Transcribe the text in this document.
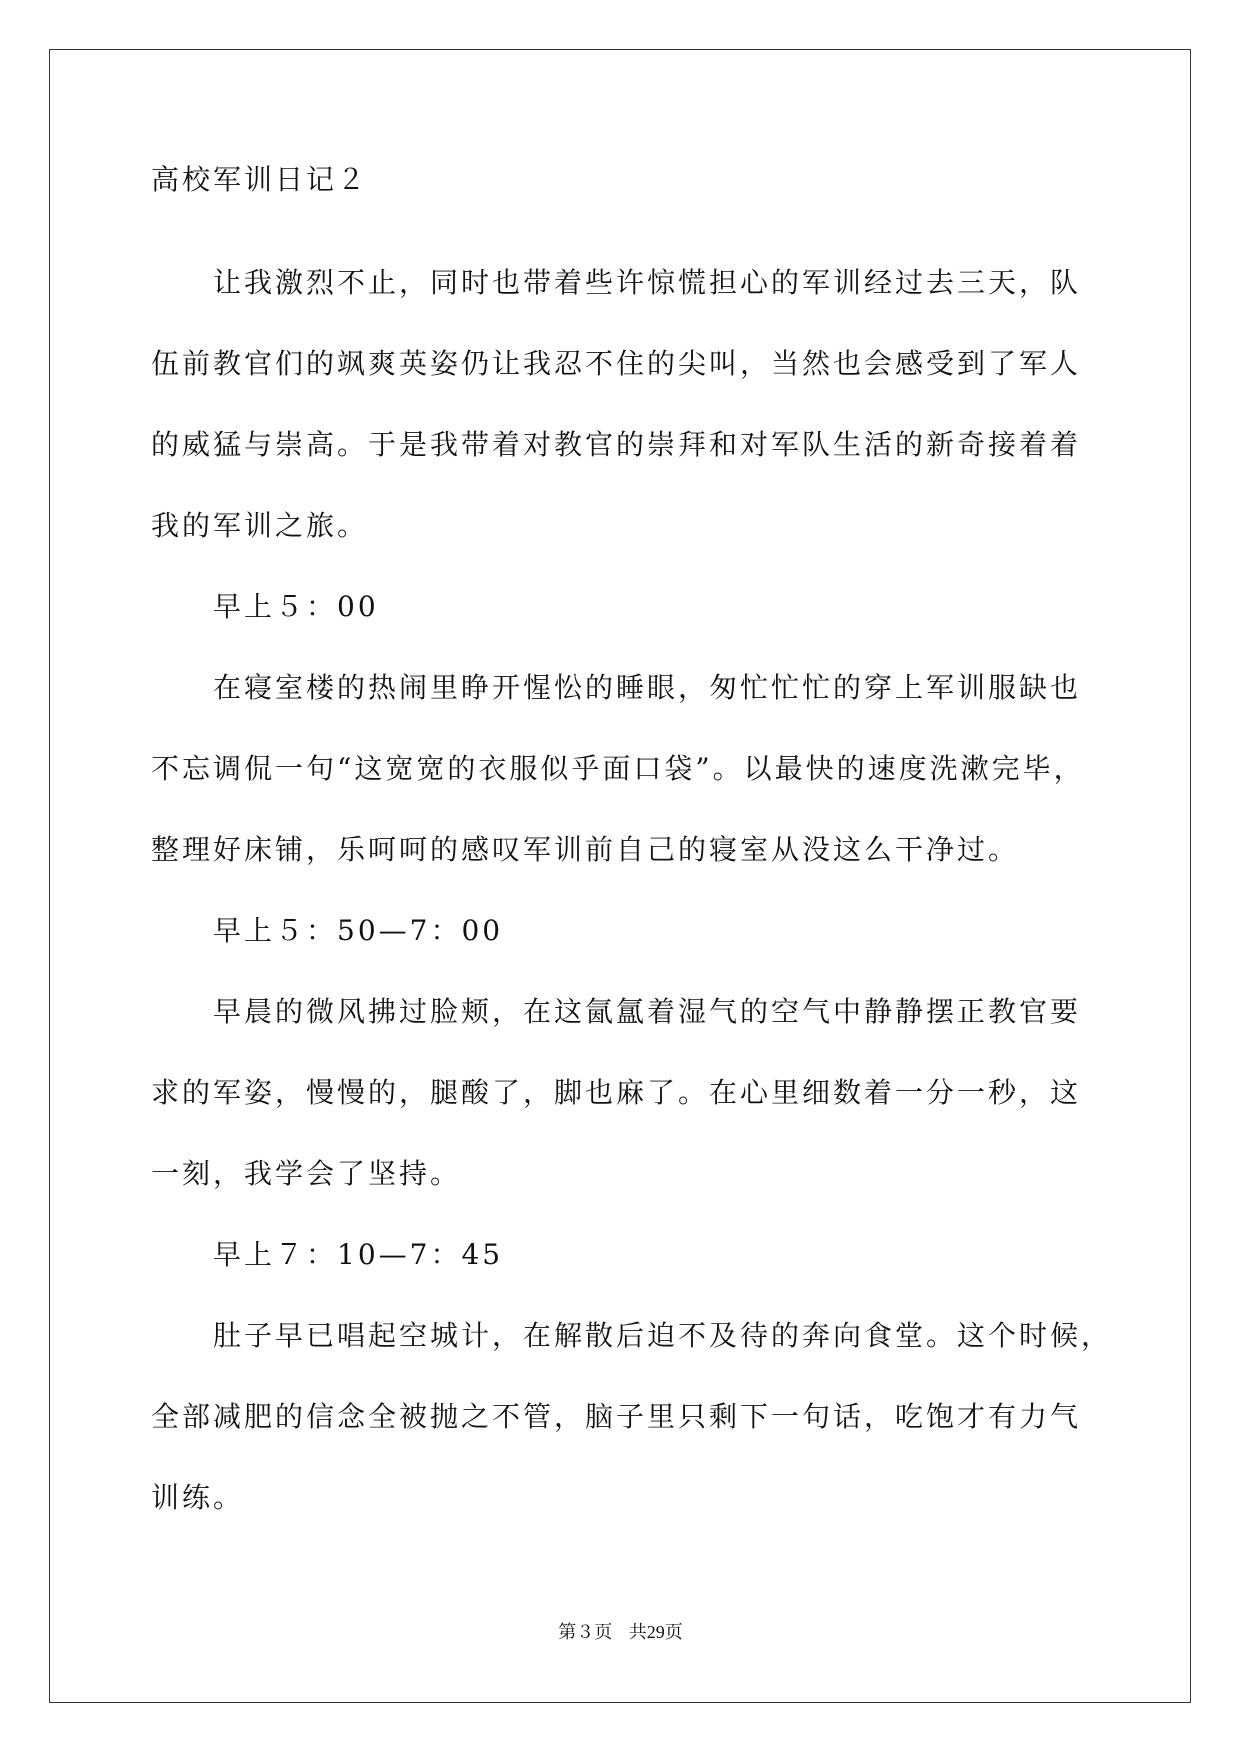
高校军训日记２
让我激烈不止，同时也带着些许惊慌担心的军训经过去三天，队
伍前教官们的飒爽英姿仍让我忍不住的尖叫，当然也会感受到了军人
的威猛与崇高。于是我带着对教官的崇拜和对军队生活的新奇接着着
我的军训之旅。
早上５：00
在寝室楼的热闹里睁开惺忪的睡眼，匆忙忙忙的穿上军训服缺也
不忘调侃一句“这宽宽的衣服似乎面口袋”。以最快的速度洗漱完毕，
整理好床铺，乐呵呵的感叹军训前自己的寝室从没这么干净过。
早上５：50—7：00
早晨的微风拂过脸颊，在这氤氲着湿气的空气中静静摆正教官要
求的军姿，慢慢的，腿酸了，脚也麻了。在心里细数着一分一秒，这
一刻，我学会了坚持。
早上７：10—7：45
肚子早已唱起空城计，在解散后迫不及待的奔向食堂。这个时候，
全部减肥的信念全被抛之不管，脑子里只剩下一句话，吃饱才有力气
训练。
第３页 共29页
